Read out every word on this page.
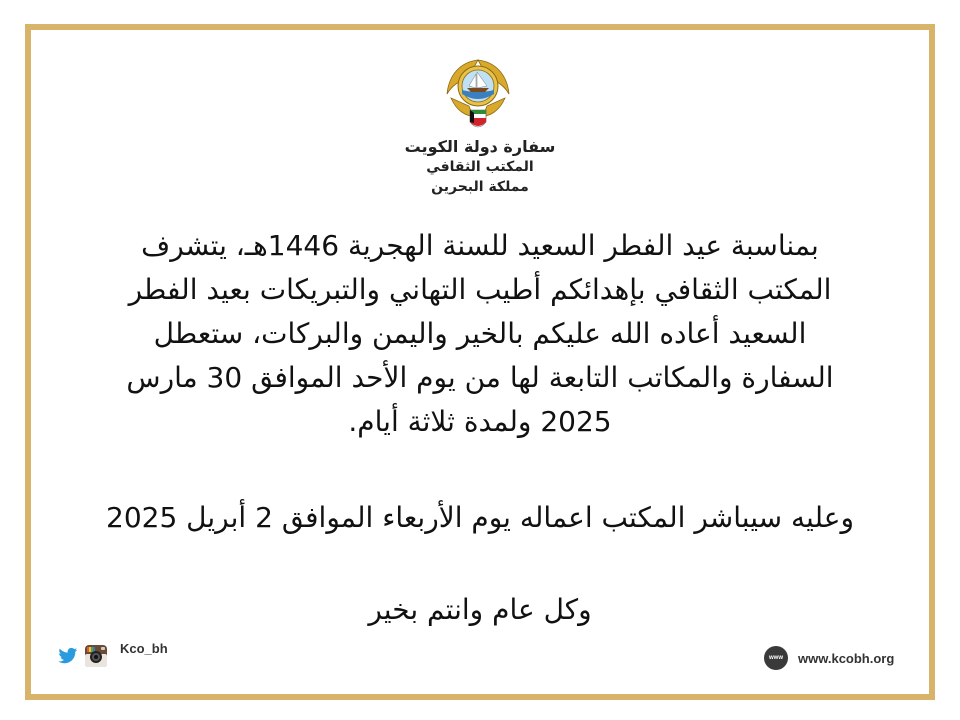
سفارة دولة الكويت
المكتب الثقافي
مملكة البحرين
بمناسبة عيد الفطر السعيد للسنة الهجرية 1446هـ، يتشرف
المكتب الثقافي بإهدائكم أطيب التهاني والتبريكات بعيد الفطر
السعيد أعاده الله عليكم بالخير واليمن والبركات، ستعطل
السفارة والمكاتب التابعة لها من يوم الأحد الموافق 30 مارس
2025 ولمدة ثلاثة أيام.
وعليه سيباشر المكتب اعماله يوم الأربعاء الموافق 2 أبريل 2025
وكل عام وانتم بخير
Kco_bh
www	www.kcobh.org
